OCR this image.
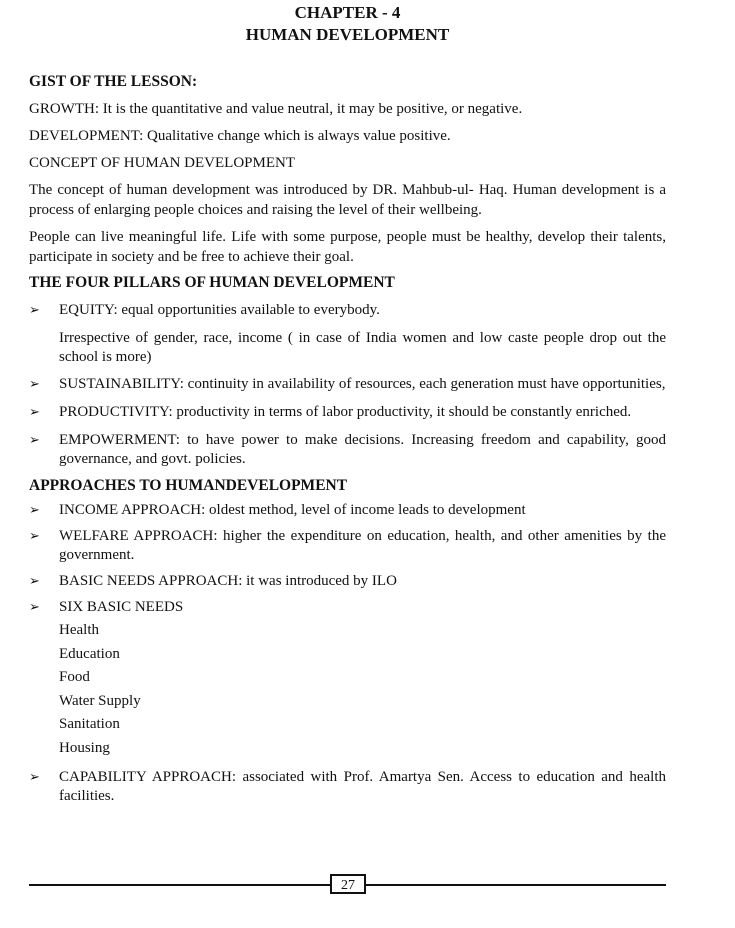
CHAPTER - 4
HUMAN DEVELOPMENT

GIST OF THE LESSON:

GROWTH: It is the quantitative and value neutral, it may be positive, or negative.

DEVELOPMENT: Qualitative change which is always value positive.

CONCEPT OF HUMAN DEVELOPMENT

The concept of human development was introduced by DR. Mahbub-ul- Haq. Human development is a process of enlarging people choices and raising the level of their wellbeing.

People can live meaningful life. Life with some purpose, people must be healthy, develop their talents, participate in society and be free to achieve their goal.

THE FOUR PILLARS OF HUMAN DEVELOPMENT

➢ EQUITY: equal opportunities available to everybody.
Irrespective of gender, race, income ( in case of India women and low caste people drop out the school is more)
➢ SUSTAINABILITY: continuity in availability of resources, each generation must have opportunities,
➢ PRODUCTIVITY: productivity in terms of labor productivity, it should be constantly enriched.
➢ EMPOWERMENT: to have power to make decisions. Increasing freedom and capability, good governance, and govt. policies.

APPROACHES TO HUMANDEVELOPMENT

➢ INCOME APPROACH: oldest method, level of income leads to development
➢ WELFARE APPROACH: higher the expenditure on education, health, and other amenities by the government.
➢ BASIC NEEDS APPROACH: it was introduced by ILO
➢ SIX BASIC NEEDS
Health
Education
Food
Water Supply
Sanitation
Housing
➢ CAPABILITY APPROACH: associated with Prof. Amartya Sen. Access to education and health facilities.
27
